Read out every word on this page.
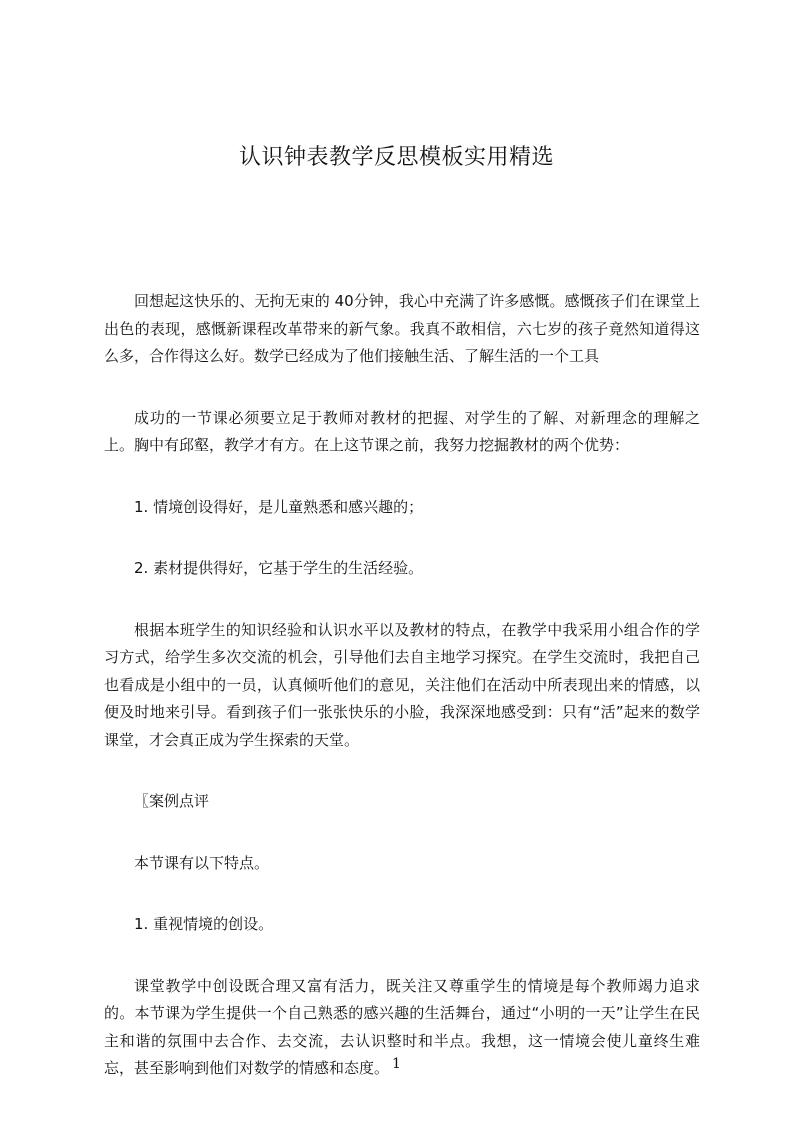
认识钟表教学反思模板实用精选

回想起这快乐的、无拘无束的 40分钟，我心中充满了许多感慨。感慨孩子们在课堂上出色的表现，感慨新课程改革带来的新气象。我真不敢相信，六七岁的孩子竟然知道得这么多，合作得这么好。数学已经成为了他们接触生活、了解生活的一个工具

成功的一节课必须要立足于教师对教材的把握、对学生的了解、对新理念的理解之上。胸中有邱壑，教学才有方。在上这节课之前，我努力挖掘教材的两个优势：

1. 情境创设得好，是儿童熟悉和感兴趣的；

2. 素材提供得好，它基于学生的生活经验。

根据本班学生的知识经验和认识水平以及教材的特点，在教学中我采用小组合作的学习方式，给学生多次交流的机会，引导他们去自主地学习探究。在学生交流时，我把自己也看成是小组中的一员，认真倾听他们的意见，关注他们在活动中所表现出来的情感，以便及时地来引导。看到孩子们一张张快乐的小脸，我深深地感受到：只有“活”起来的数学课堂，才会真正成为学生探索的天堂。

〖案例点评

本节课有以下特点。

1. 重视情境的创设。

课堂教学中创设既合理又富有活力，既关注又尊重学生的情境是每个教师竭力追求的。本节课为学生提供一个自己熟悉的感兴趣的生活舞台，通过“小明的一天”让学生在民主和谐的氛围中去合作、去交流，去认识整时和半点。我想，这一情境会使儿童终生难忘，甚至影响到他们对数学的情感和态度。 1
